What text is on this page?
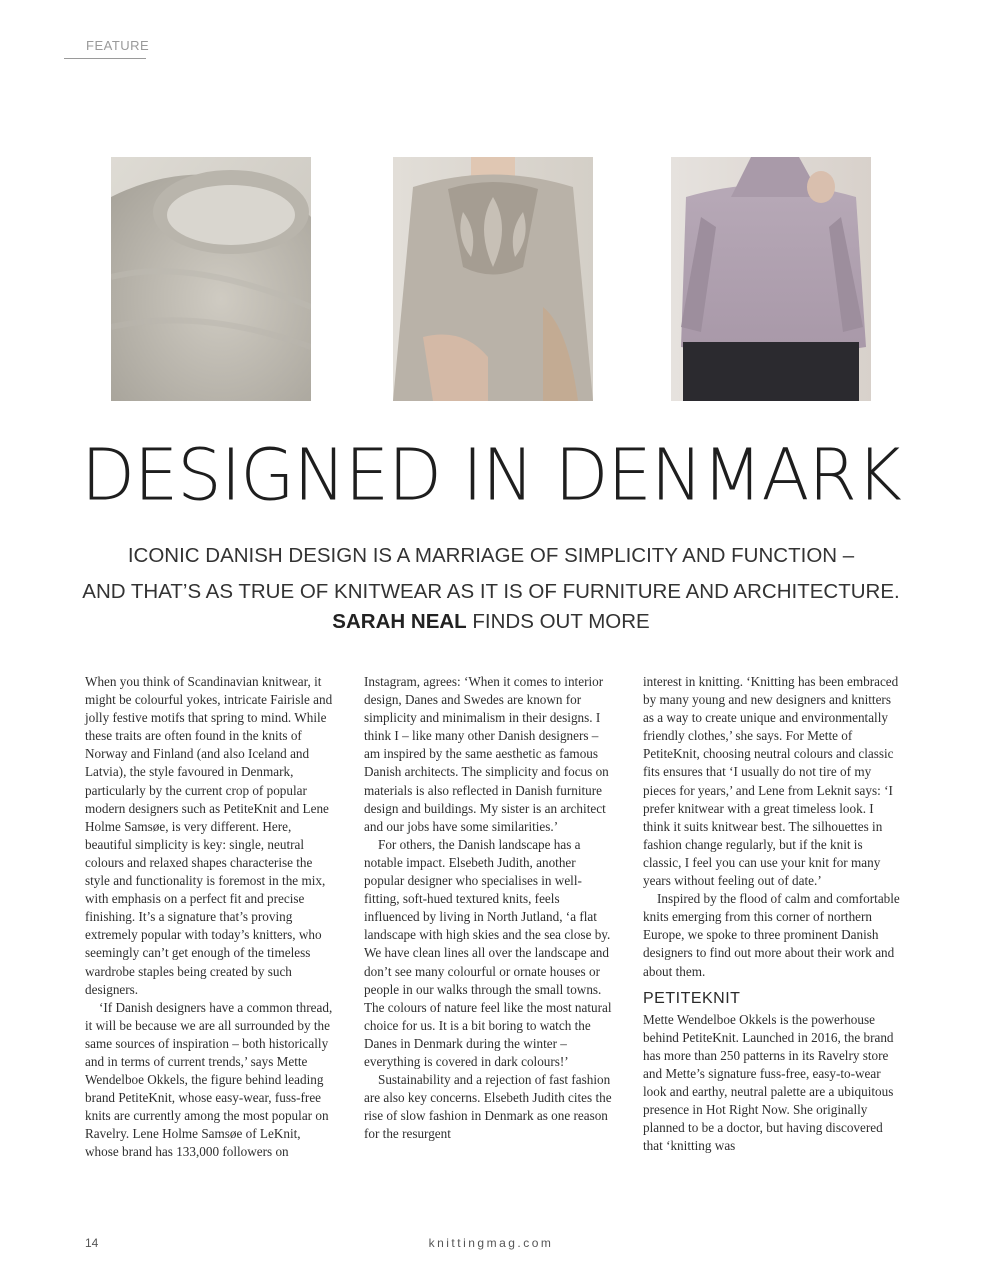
FEATURE
DESIGNED IN DENMARK
ICONIC DANISH DESIGN IS A MARRIAGE OF SIMPLICITY AND FUNCTION –
AND THAT’S AS TRUE OF KNITWEAR AS IT IS OF FURNITURE AND ARCHITECTURE.
SARAH NEAL FINDS OUT MORE

When you think of Scandinavian knitwear, it might be colourful yokes, intricate Fairisle and jolly festive motifs that spring to mind. While these traits are often found in the knits of Norway and Finland (and also Iceland and Latvia), the style favoured in Denmark, particularly by the current crop of popular modern designers such as PetiteKnit and Lene Holme Samsøe, is very different. Here, beautiful simplicity is key: single, neutral colours and relaxed shapes characterise the style and functionality is foremost in the mix, with emphasis on a perfect fit and precise finishing. It’s a signature that’s proving extremely popular with today’s knitters, who seemingly can’t get enough of the timeless wardrobe staples being created by such designers.

‘If Danish designers have a common thread, it will be because we are all surrounded by the same sources of inspiration – both historically and in terms of current trends,’ says Mette Wendelboe Okkels, the figure behind leading brand PetiteKnit, whose easy-wear, fuss-free knits are currently among the most popular on Ravelry. Lene Holme Samsøe of LeKnit, whose brand has 133,000 followers on

Instagram, agrees: ‘When it comes to interior design, Danes and Swedes are known for simplicity and minimalism in their designs. I think I – like many other Danish designers – am inspired by the same aesthetic as famous Danish architects. The simplicity and focus on materials is also reflected in Danish furniture design and buildings. My sister is an architect and our jobs have some similarities.’

For others, the Danish landscape has a notable impact. Elsebeth Judith, another popular designer who specialises in well-fitting, soft-hued textured knits, feels influenced by living in North Jutland, ‘a flat landscape with high skies and the sea close by. We have clean lines all over the landscape and don’t see many colourful or ornate houses or people in our walks through the small towns. The colours of nature feel like the most natural choice for us. It is a bit boring to watch the Danes in Denmark during the winter – everything is covered in dark colours!’

Sustainability and a rejection of fast fashion are also key concerns. Elsebeth Judith cites the rise of slow fashion in Denmark as one reason for the resurgent

interest in knitting. ‘Knitting has been embraced by many young and new designers and knitters as a way to create unique and environmentally friendly clothes,’ she says. For Mette of PetiteKnit, choosing neutral colours and classic fits ensures that ‘I usually do not tire of my pieces for years,’ and Lene from Leknit says: ‘I prefer knitwear with a great timeless look. I think it suits knitwear best. The silhouettes in fashion change regularly, but if the knit is classic, I feel you can use your knit for many years without feeling out of date.’

Inspired by the flood of calm and comfortable knits emerging from this corner of northern Europe, we spoke to three prominent Danish designers to find out more about their work and about them.

PETITEKNIT

Mette Wendelboe Okkels is the powerhouse behind PetiteKnit. Launched in 2016, the brand has more than 250 patterns in its Ravelry store and Mette’s signature fuss-free, easy-to-wear look and earthy, neutral palette are a ubiquitous presence in Hot Right Now. She originally planned to be a doctor, but having discovered that ‘knitting was

14	knittingmag.com
